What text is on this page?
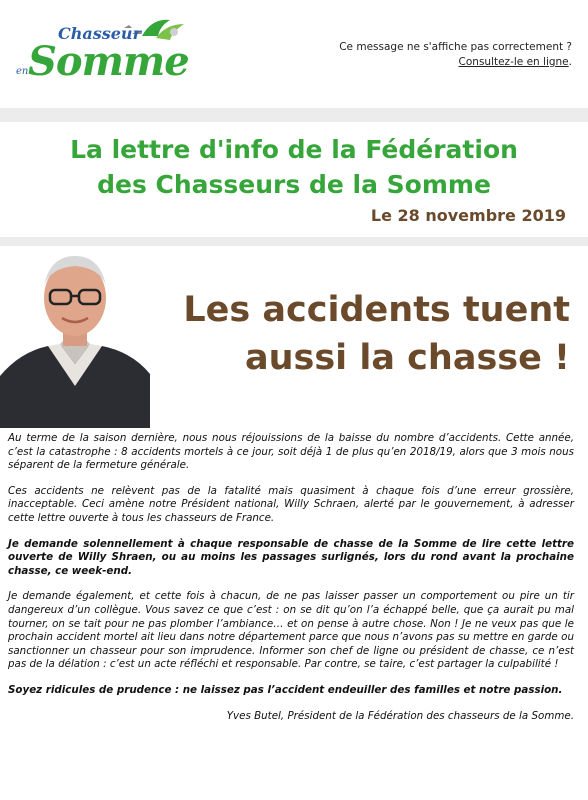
Chasseur
en Somme	Ce message ne s'affiche pas correctement ?
Consultez-le en ligne.
La lettre d'info de la Fédération
des Chasseurs de la Somme
Le 28 novembre 2019
Les accidents tuent
aussi la chasse !

Au terme de la saison dernière, nous nous réjouissions de la baisse du nombre d’accidents. Cette année, c’est la catastrophe : 8 accidents mortels à ce jour, soit déjà 1 de plus qu’en 2018/19, alors que 3 mois nous séparent de la fermeture générale.

Ces accidents ne relèvent pas de la fatalité mais quasiment à chaque fois d’une erreur grossière, inacceptable. Ceci amène notre Président national, Willy Schraen, alerté par le gouvernement, à adresser cette lettre ouverte à tous les chasseurs de France.

Je demande solennellement à chaque responsable de chasse de la Somme de lire cette lettre ouverte de Willy Shraen, ou au moins les passages surlignés, lors du rond avant la prochaine chasse, ce week-end.

Je demande également, et cette fois à chacun, de ne pas laisser passer un comportement ou pire un tir dangereux d’un collègue. Vous savez ce que c’est : on se dit qu’on l’a échappé belle, que ça aurait pu mal tourner, on se tait pour ne pas plomber l’ambiance… et on pense à autre chose. Non ! Je ne veux pas que le prochain accident mortel ait lieu dans notre département parce que nous n’avons pas su mettre en garde ou sanctionner un chasseur pour son imprudence. Informer son chef de ligne ou président de chasse, ce n’est pas de la délation : c’est un acte réfléchi et responsable. Par contre, se taire, c’est partager la culpabilité !

Soyez ridicules de prudence : ne laissez pas l’accident endeuiller des familles et notre passion.

Yves Butel, Président de la Fédération des chasseurs de la Somme.
